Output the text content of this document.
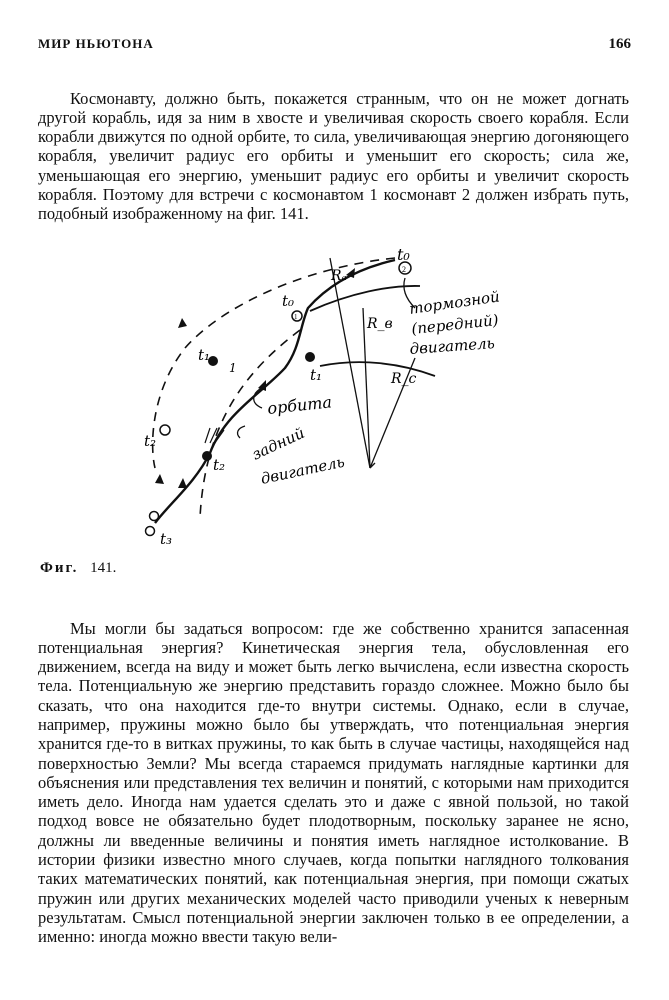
МИР НЬЮТОНА	166

Космонавту, должно быть, покажется странным, что он не может догнать другой корабль, идя за ним в хвосте и увеличивая скорость своего корабля. Если корабли движутся по одной орбите, то сила, увеличивающая энергию догоняющего корабля, увеличит радиус его орбиты и уменьшит его скорость; сила же, уменьшающая его энергию, уменьшит радиус его орбиты и увеличит скорость корабля. Поэтому для встречи с космонавтом 1 космонавт 2 должен избрать путь, подобный изображенному на фиг. 141.

t₀
t₀
t₁
1	t₁
t₂
t₂
t₃
Rₐ
R_в
R_с
тормозной
(передний)
двигатель
орбита
задний
двигатель
2
1
Фиг. 141.

Мы могли бы задаться вопросом: где же собственно хранится запасенная потенциальная энергия? Кинетическая энергия тела, обусловленная его движением, всегда на виду и может быть легко вычислена, если известна скорость тела. Потенциальную же энергию представить гораздо сложнее. Можно было бы сказать, что она находится где-то внутри системы. Однако, если в случае, например, пружины можно было бы утверждать, что потенциальная энергия хранится где-то в витках пружины, то как быть в случае частицы, находящейся над поверхностью Земли? Мы всегда стараемся придумать наглядные картинки для объяснения или представления тех величин и понятий, с которыми нам приходится иметь дело. Иногда нам удается сделать это и даже с явной пользой, но такой подход вовсе не обязательно будет плодотворным, поскольку заранее не ясно, должны ли введенные величины и понятия иметь наглядное истолкование. В истории физики известно много случаев, когда попытки наглядного толкования таких математических понятий, как потенциальная энергия, при помощи сжатых пружин или других механических моделей часто приводили ученых к неверным результатам. Смысл потенциальной энергии заключен только в ее определении, а именно: иногда можно ввести такую вели-
